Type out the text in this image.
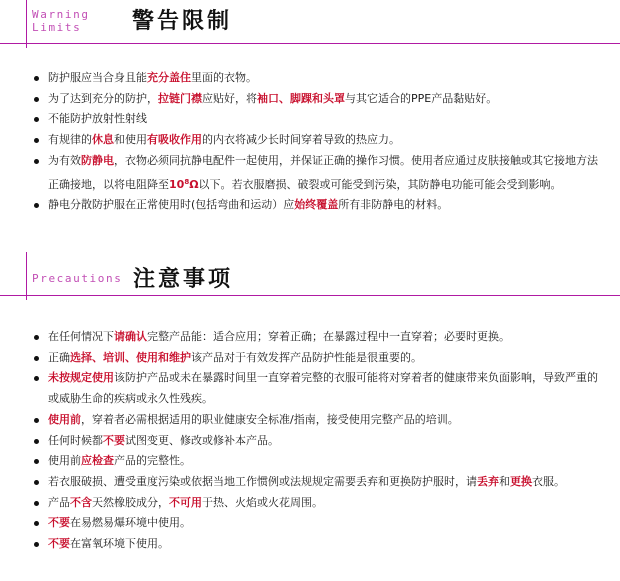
Warning
Limits 警告限制
防护服应当合身且能充分盖住里面的衣物。
为了达到充分的防护，拉链门襟应贴好，将袖口、脚踝和头罩与其它适合的PPE产品黏贴好。
不能防护放射性射线
有规律的休息和使用有吸收作用的内衣将减少长时间穿着导致的热应力。
为有效防静电，衣物必须同抗静电配件一起使用，并保证正确的操作习惯。使用者应通过皮肤接触或其它接地方法正确接地，以将电阻降至$10^8\Omega$以下。若衣服磨损、破裂或可能受到污染，其防静电功能可能会受到影响。
静电分散防护服在正常使用时(包括弯曲和运动）应始终覆盖所有非防静电的材料。
Precautions 注意事项
在任何情况下请确认完整产品能：适合应用；穿着正确；在暴露过程中一直穿着；必要时更换。
正确选择、培训、使用和维护该产品对于有效发挥产品防护性能是很重要的。
未按规定使用该防护产品或未在暴露时间里一直穿着完整的衣服可能将对穿着者的健康带来负面影响，导致严重的或威胁生命的疾病或永久性残疾。
使用前，穿着者必需根据适用的职业健康安全标准/指南，接受使用完整产品的培训。
任何时候都不要试图变更、修改或修补本产品。
使用前应检查产品的完整性。
若衣服破损、遭受重度污染或依据当地工作惯例或法规规定需要丢弃和更换防护服时，请丢弃和更换衣服。
产品不含天然橡胶成分，不可用于热、火焰或火花周围。
不要在易燃易爆环境中使用。
不要在富氧环境下使用。
